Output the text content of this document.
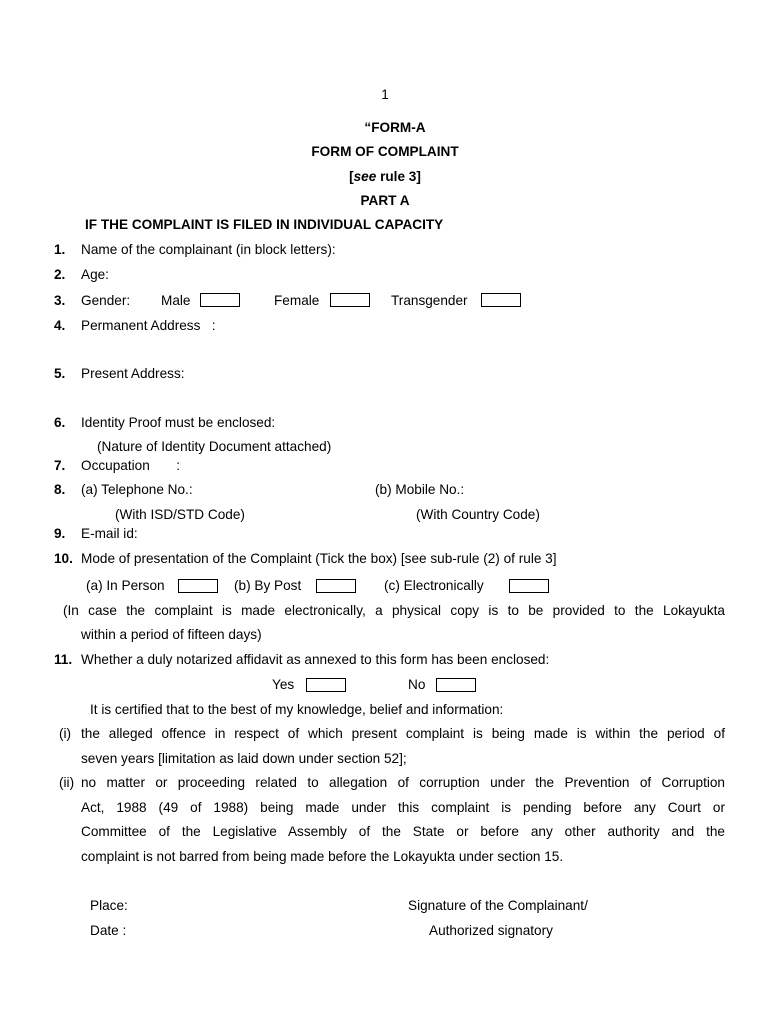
1
“FORM-A
FORM OF COMPLAINT
[see rule 3]
PART A
IF THE COMPLAINT IS FILED IN INDIVIDUAL CAPACITY
1. Name of the complainant (in block letters):
2. Age:
3. Gender: Male	Female	Transgender
4. Permanent Address   :
5. Present Address:
6. Identity Proof must be enclosed:
(Nature of Identity Document attached)
7. Occupation       :
8. (a) Telephone No.:	(b) Mobile No.:
(With ISD/STD Code)	(With Country Code)
9. E-mail id:
10. Mode of presentation of the Complaint (Tick the box) [see sub-rule (2) of rule 3]
(a) In Person	(b) By Post	(c) Electronically
(In case the complaint is made electronically, a physical copy is to be provided to the Lokayukta
within a period of fifteen days)
11. Whether a duly notarized affidavit as annexed to this form has been enclosed:
Yes	No
It is certified that to the best of my knowledge, belief and information:
(i) the alleged offence in respect of which present complaint is being made is within the period of
seven years [limitation as laid down under section 52];
(ii) no matter or proceeding related to allegation of corruption under the Prevention of Corruption
Act, 1988 (49 of 1988) being made under this complaint is pending before any Court or
Committee of the Legislative Assembly of the State or before any other authority and the
complaint is not barred from being made before the Lokayukta under section 15.
Place:
Date :
Signature of the Complainant/
Authorized signatory
